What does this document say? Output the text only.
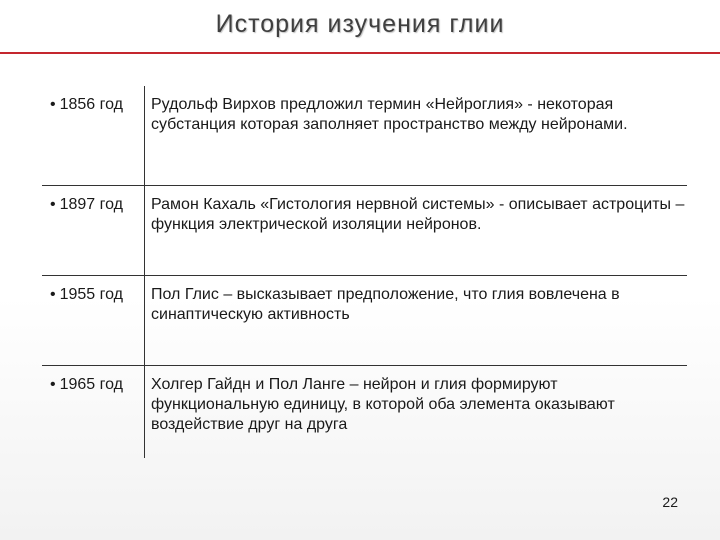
История изучения глии
• 1856 год	Рудольф Вирхов предложил термин «Нейроглия» - некоторая субстанция которая заполняет пространство между нейронами.
• 1897 год	Рамон Кахаль «Гистология нервной системы» - описывает астроциты – функция электрической изоляции нейронов.
• 1955 год	Пол Глис – высказывает предположение, что глия вовлечена в синаптическую активность
• 1965 год	Холгер Гайдн и Пол Ланге – нейрон и глия формируют функциональную единицу, в которой оба элемента оказывают воздействие друг на друга
22
